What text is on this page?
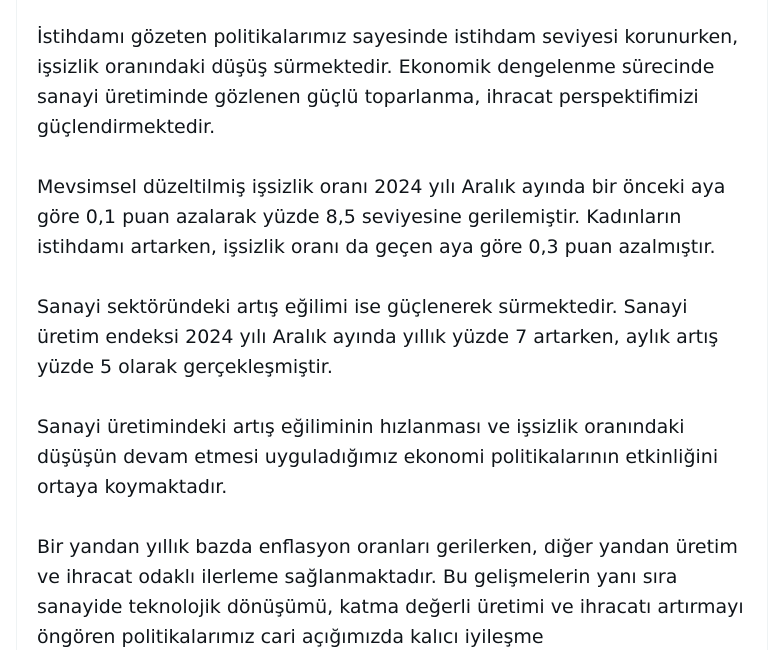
İstihdamı gözeten politikalarımız sayesinde istihdam seviyesi korunurken, işsizlik oranındaki düşüş sürmektedir. Ekonomik dengelenme sürecinde sanayi üretiminde gözlenen güçlü toparlanma, ihracat perspektifimizi güçlendirmektedir.

Mevsimsel düzeltilmiş işsizlik oranı 2024 yılı Aralık ayında bir önceki aya göre 0,1 puan azalarak yüzde 8,5 seviyesine gerilemiştir. Kadınların istihdamı artarken, işsizlik oranı da geçen aya göre 0,3 puan azalmıştır.

Sanayi sektöründeki artış eğilimi ise güçlenerek sürmektedir. Sanayi üretim endeksi 2024 yılı Aralık ayında yıllık yüzde 7 artarken, aylık artış yüzde 5 olarak gerçekleşmiştir.

Sanayi üretimindeki artış eğiliminin hızlanması ve işsizlik oranındaki düşüşün devam etmesi uyguladığımız ekonomi politikalarının etkinliğini ortaya koymaktadır.

Bir yandan yıllık bazda enflasyon oranları gerilerken, diğer yandan üretim ve ihracat odaklı ilerleme sağlanmaktadır. Bu gelişmelerin yanı sıra sanayide teknolojik dönüşümü, katma değerli üretimi ve ihracatı artırmayı öngören politikalarımız cari açığımızda kalıcı iyileşme
